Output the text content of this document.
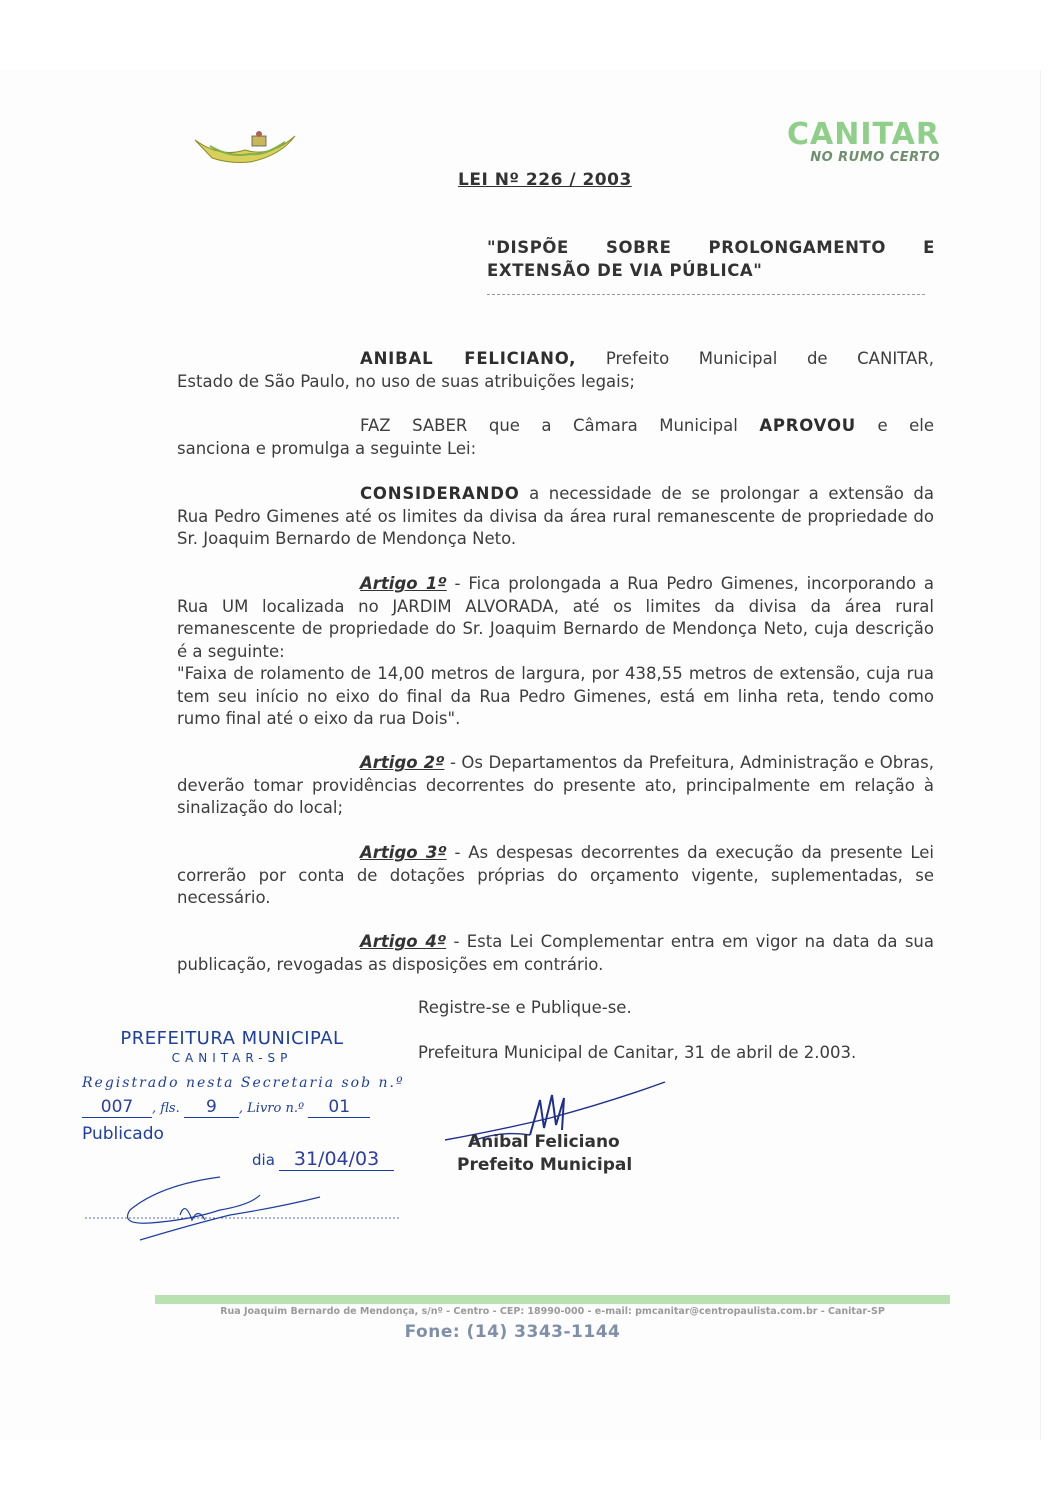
CANITAR
NO RUMO CERTO
LEI Nº 226 / 2003
"DISPÕE SOBRE PROLONGAMENTO E
EXTENSÃO DE VIA PÚBLICA"
ANIBAL FELICIANO, Prefeito Municipal de CANITAR,
Estado de São Paulo, no uso de suas atribuições legais;
FAZ SABER que a Câmara Municipal APROVOU e ele
sanciona e promulga a seguinte Lei:
CONSIDERANDO a necessidade de se prolongar a extensão da Rua Pedro Gimenes até os limites da divisa da área rural remanescente de propriedade do Sr. Joaquim Bernardo de Mendonça Neto.
Artigo 1º - Fica prolongada a Rua Pedro Gimenes, incorporando a Rua UM localizada no JARDIM ALVORADA, até os limites da divisa da área rural remanescente de propriedade do Sr. Joaquim Bernardo de Mendonça Neto, cuja descrição é a seguinte:
"Faixa de rolamento de 14,00 metros de largura, por 438,55 metros de extensão, cuja rua tem seu início no eixo do final da Rua Pedro Gimenes, está em linha reta, tendo como rumo final até o eixo da rua Dois".
Artigo 2º - Os Departamentos da Prefeitura, Administração e Obras, deverão tomar providências decorrentes do presente ato, principalmente em relação à sinalização do local;
Artigo 3º - As despesas decorrentes da execução da presente Lei correrão por conta de dotações próprias do orçamento vigente, suplementadas, se necessário.
Artigo 4º - Esta Lei Complementar entra em vigor na data da sua publicação, revogadas as disposições em contrário.
Registre-se e Publique-se.
Prefeitura Municipal de Canitar, 31 de abril de 2.003.
PREFEITURA MUNICIPAL
CANITAR-SP
Registrado nesta Secretaria sob n.º
007 , fls. 9 , Livro n.º 01
Publicado
dia 31/04/03
Anibal Feliciano
Prefeito Municipal
Rua Joaquim Bernardo de Mendonça, s/nº - Centro - CEP: 18990-000 - e-mail: pmcanitar@centropaulista.com.br - Canitar-SP
Fone: (14) 3343-1144
